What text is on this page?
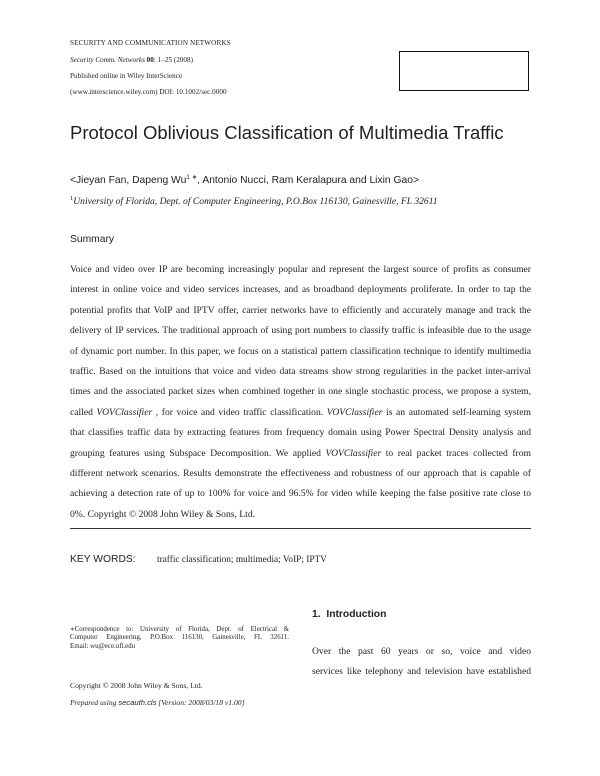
SECURITY AND COMMUNICATION NETWORKS
Security Comm. Networks 00: 1–25 (2008)
Published online in Wiley InterScience
(www.interscience.wiley.com) DOI: 10.1002/sec.0000
Protocol Oblivious Classification of Multimedia Traffic
<Jieyan Fan, Dapeng $Wu^{1 ∗}$, Antonio Nucci, Ram Keralapura and Lixin Gao>
$^1$University of Florida, Dept. of Computer Engineering, P.O.Box 116130, Gainesville, FL 32611
Summary
Voice and video over IP are becoming increasingly popular and represent the largest source of profits as consumer
interest in online voice and video services increases, and as broadband deployments proliferate. In order to tap the
potential profits that VoIP and IPTV offer, carrier networks have to efficiently and accurately manage and track the
delivery of IP services. The traditional approach of using port numbers to classify traffic is infeasible due to the usage
of dynamic port number. In this paper, we focus on a statistical pattern classification technique to identify multimedia
traffic. Based on the intuitions that voice and video data streams show strong regularities in the packet inter-arrival
times and the associated packet sizes when combined together in one single stochastic process, we propose a system,
called VOVClassifier , for voice and video traffic classification. VOVClassifier is an automated self-learning system
that classifies traffic data by extracting features from frequency domain using Power Spectral Density analysis and
grouping features using Subspace Decomposition. We applied VOVClassifier to real packet traces collected from
different network scenarios. Results demonstrate the effectiveness and robustness of our approach that is capable of
achieving a detection rate of up to 100% for voice and 96.5% for video while keeping the false positive rate close to
0%. Copyright © 2008 John Wiley & Sons, Ltd.
KEY WORDS: traffic classification; multimedia; VoIP; IPTV
∗Correspondence to: University of Florida, Dept. of Electrical &
Computer Engineering, P.O.Box 116130, Gainesville, FL 32611.
Email: wu@ece.ufl.edu
Copyright © 2008 John Wiley & Sons, Ltd.
Prepared using secauth.cls [Version: 2008/03/18 v1.00]
1. Introduction
Over the past 60 years or so, voice and video
services like telephony and television have established
